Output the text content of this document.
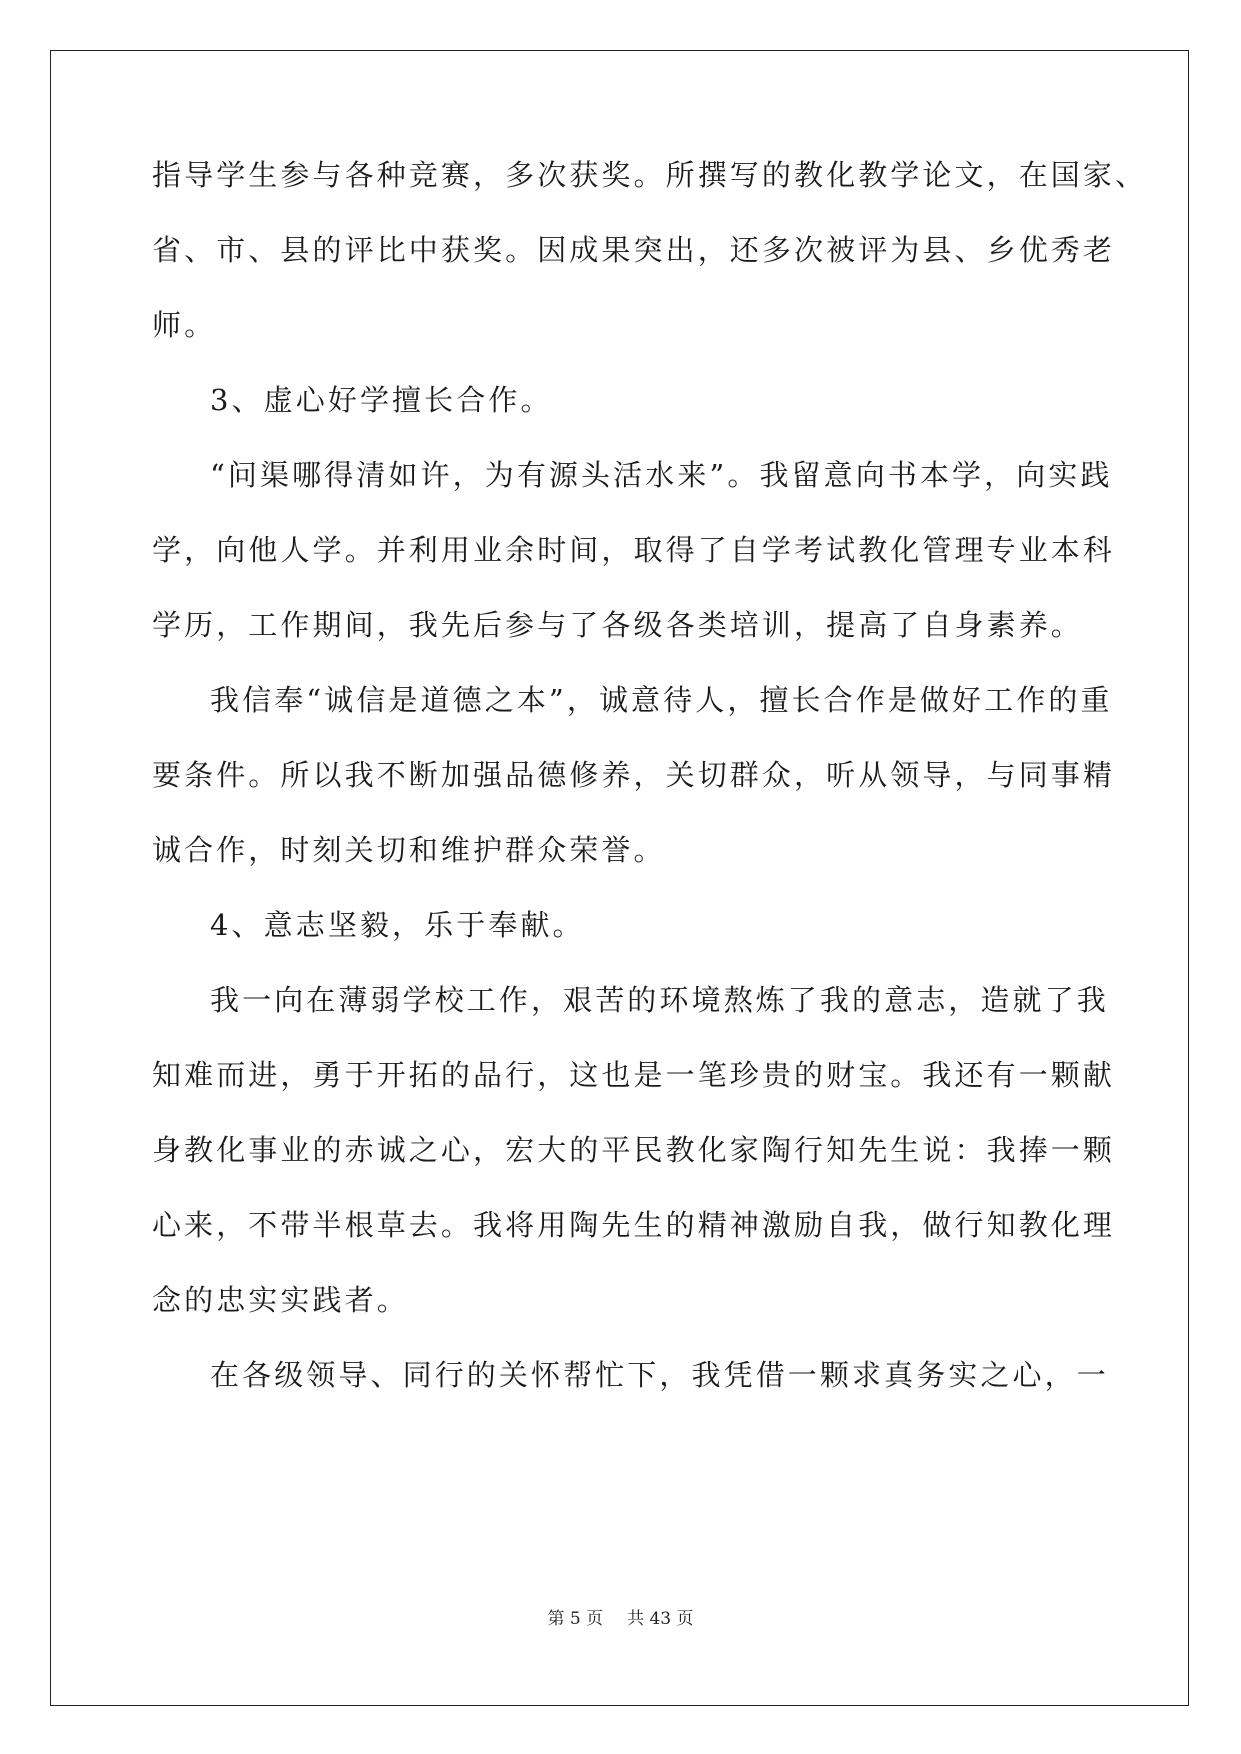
指导学生参与各种竞赛，多次获奖。所撰写的教化教学论文，在国家、
省、市、县的评比中获奖。因成果突出，还多次被评为县、乡优秀老
师。
3、虚心好学擅长合作。
“问渠哪得清如许，为有源头活水来”。我留意向书本学，向实践
学，向他人学。并利用业余时间，取得了自学考试教化管理专业本科
学历，工作期间，我先后参与了各级各类培训，提高了自身素养。
我信奉“诚信是道德之本”，诚意待人，擅长合作是做好工作的重
要条件。所以我不断加强品德修养，关切群众，听从领导，与同事精
诚合作，时刻关切和维护群众荣誉。
4、意志坚毅，乐于奉献。
我一向在薄弱学校工作，艰苦的环境熬炼了我的意志，造就了我
知难而进，勇于开拓的品行，这也是一笔珍贵的财宝。我还有一颗献
身教化事业的赤诚之心，宏大的平民教化家陶行知先生说：我捧一颗
心来，不带半根草去。我将用陶先生的精神激励自我，做行知教化理
念的忠实实践者。
在各级领导、同行的关怀帮忙下，我凭借一颗求真务实之心，一
第 5 页 共 43 页
